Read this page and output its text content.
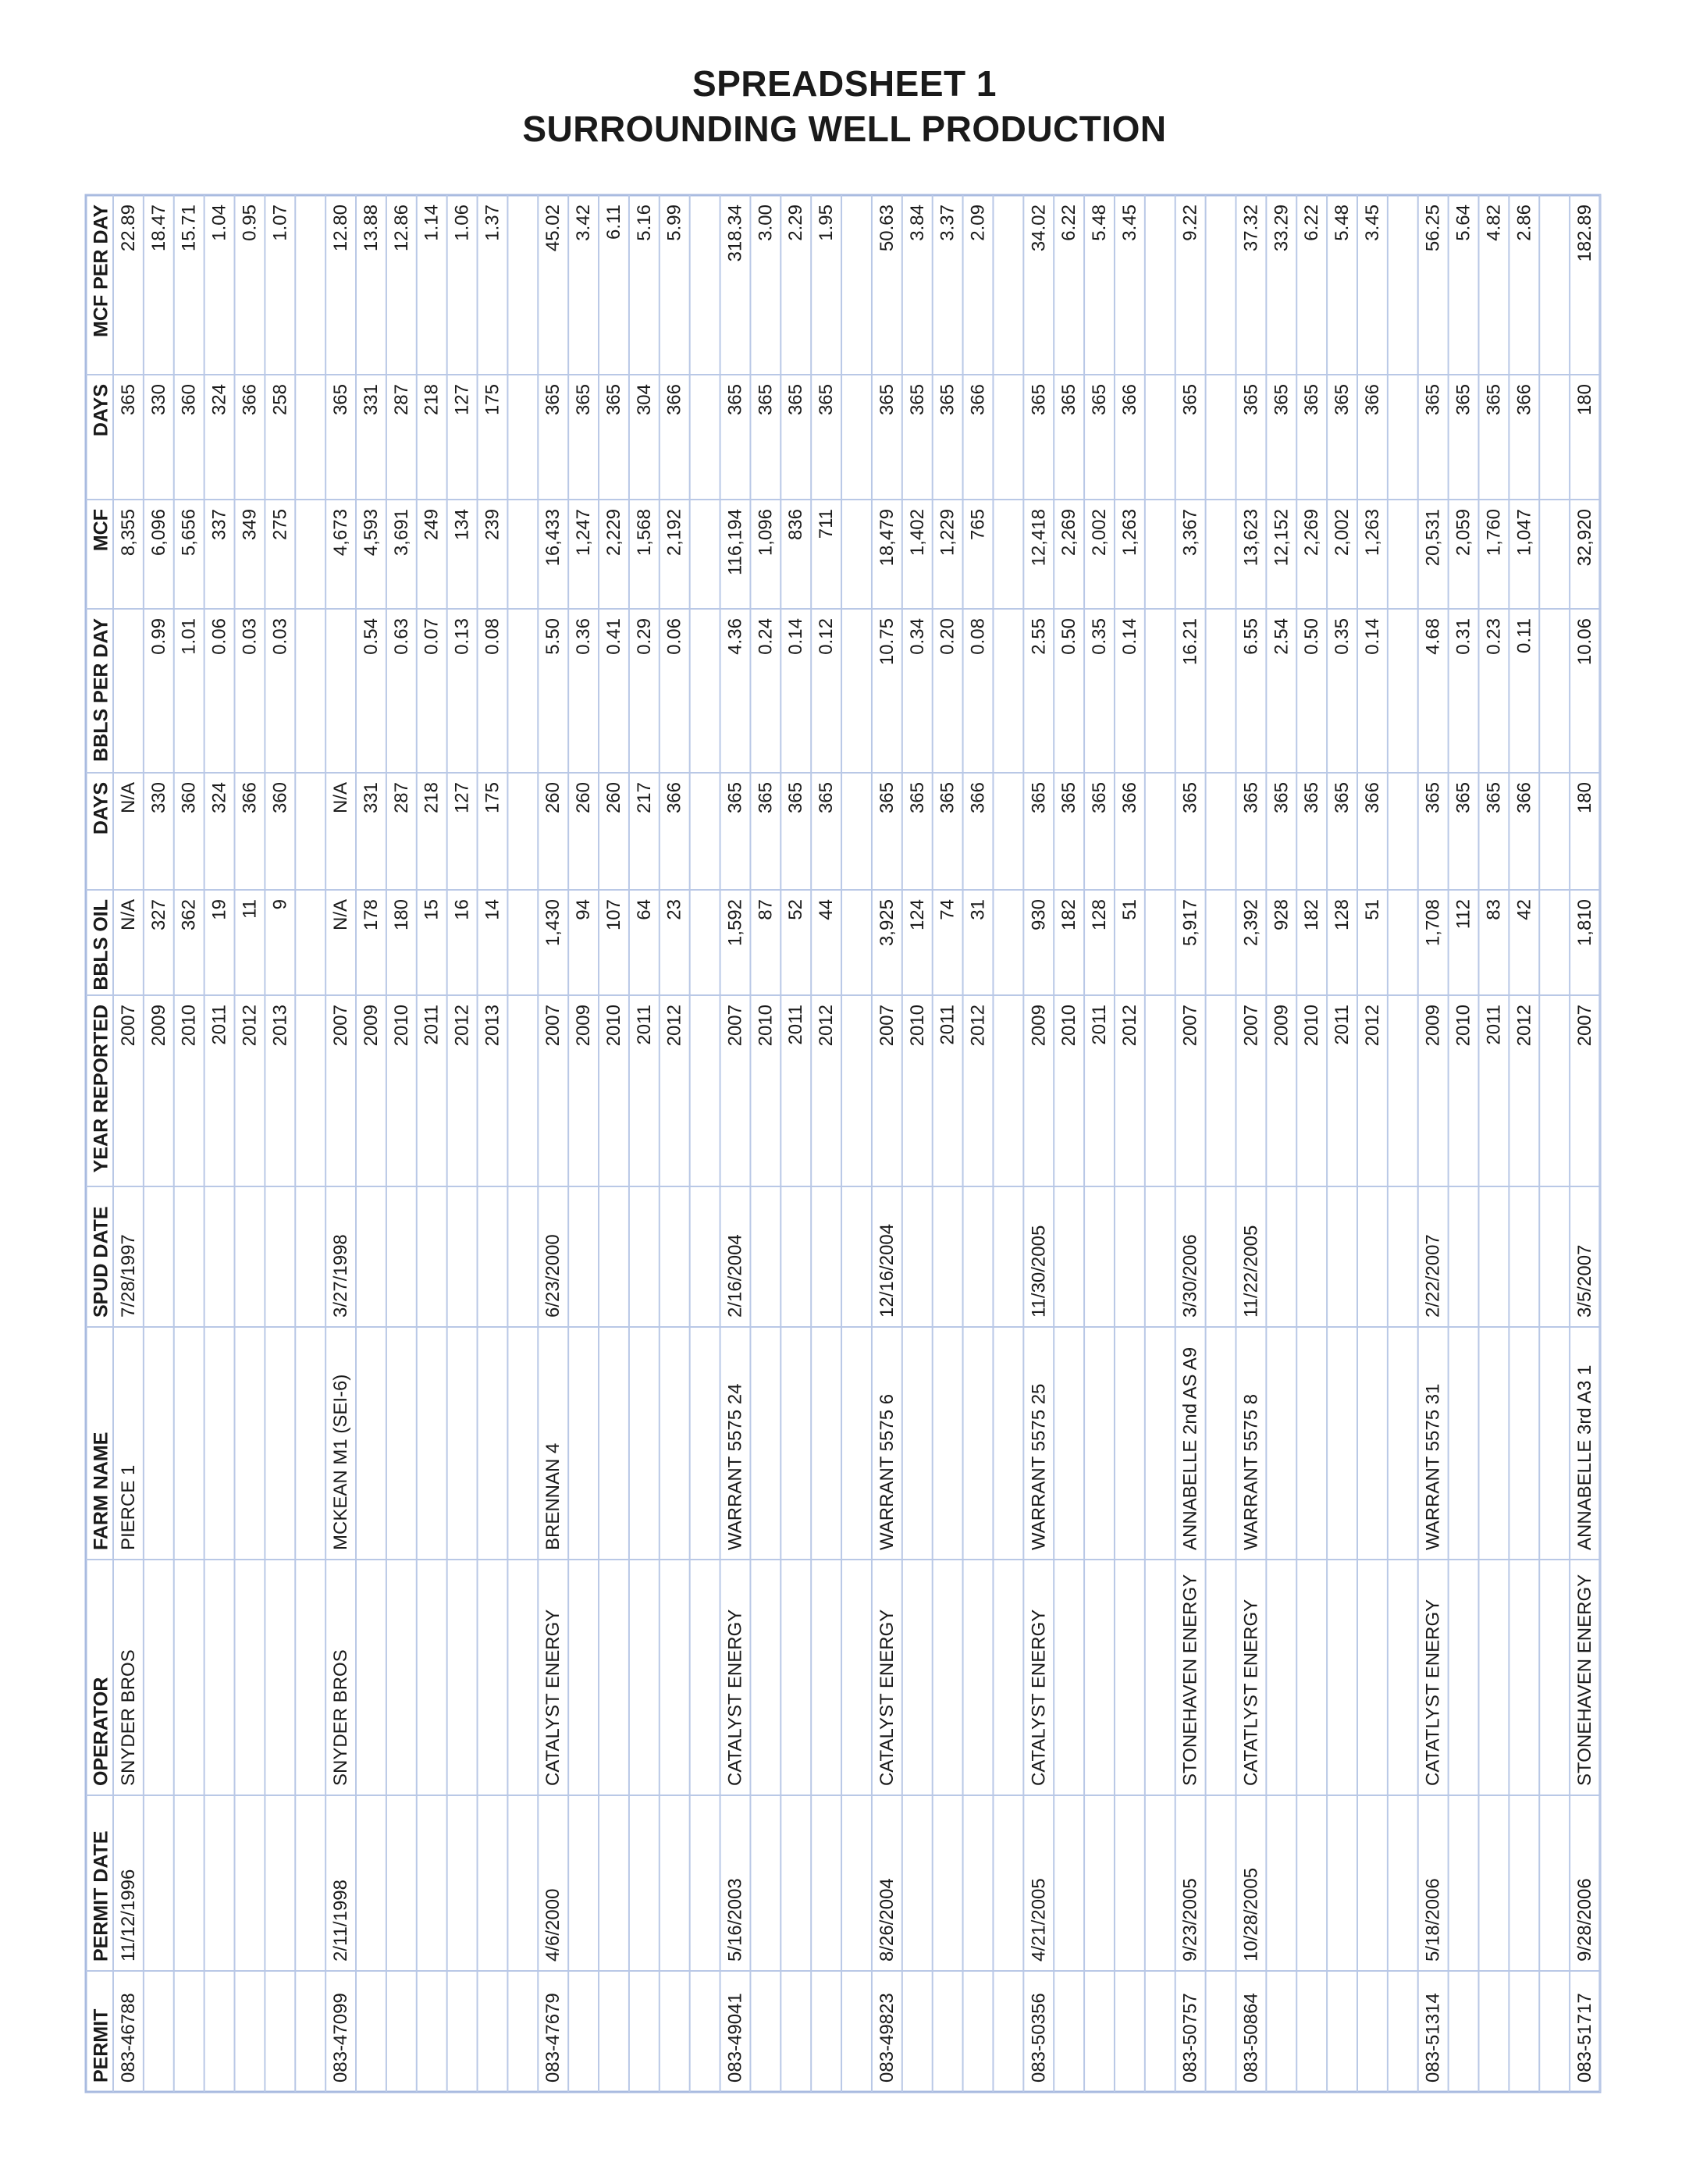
SPREADSHEET 1
SURROUNDING WELL PRODUCTION
PERMIT
PERMIT DATE
OPERATOR
FARM NAME
SPUD DATE
YEAR REPORTED
BBLS OIL
DAYS
BBLS PER DAY
MCF
DAYS
MCF PER DAY
083-46788
11/12/1996
SNYDER BROS
PIERCE 1
7/28/1997
2007
N/A
N/A
8,355
365
22.89
2009
327
330
0.99
6,096
330
18.47
2010
362
360
1.01
5,656
360
15.71
2011
19
324
0.06
337
324
1.04
2012
11
366
0.03
349
366
0.95
2013
9
360
0.03
275
258
1.07
083-47099
2/11/1998
SNYDER BROS
MCKEAN M1 (SEI-6)
3/27/1998
2007
N/A
N/A
4,673
365
12.80
2009
178
331
0.54
4,593
331
13.88
2010
180
287
0.63
3,691
287
12.86
2011
15
218
0.07
249
218
1.14
2012
16
127
0.13
134
127
1.06
2013
14
175
0.08
239
175
1.37
083-47679
4/6/2000
CATALYST ENERGY
BRENNAN 4
6/23/2000
2007
1,430
260
5.50
16,433
365
45.02
2009
94
260
0.36
1,247
365
3.42
2010
107
260
0.41
2,229
365
6.11
2011
64
217
0.29
1,568
304
5.16
2012
23
366
0.06
2,192
366
5.99
083-49041
5/16/2003
CATALYST ENERGY
WARRANT 5575 24
2/16/2004
2007
1,592
365
4.36
116,194
365
318.34
2010
87
365
0.24
1,096
365
3.00
2011
52
365
0.14
836
365
2.29
2012
44
365
0.12
711
365
1.95
083-49823
8/26/2004
CATALYST ENERGY
WARRANT 5575 6
12/16/2004
2007
3,925
365
10.75
18,479
365
50.63
2010
124
365
0.34
1,402
365
3.84
2011
74
365
0.20
1,229
365
3.37
2012
31
366
0.08
765
366
2.09
083-50356
4/21/2005
CATALYST ENERGY
WARRANT 5575 25
11/30/2005
2009
930
365
2.55
12,418
365
34.02
2010
182
365
0.50
2,269
365
6.22
2011
128
365
0.35
2,002
365
5.48
2012
51
366
0.14
1,263
366
3.45
083-50757
9/23/2005
STONEHAVEN ENERGY
ANNABELLE 2nd AS A9
3/30/2006
2007
5,917
365
16.21
3,367
365
9.22
083-50864
10/28/2005
CATATLYST ENERGY
WARRANT 5575 8
11/22/2005
2007
2,392
365
6.55
13,623
365
37.32
2009
928
365
2.54
12,152
365
33.29
2010
182
365
0.50
2,269
365
6.22
2011
128
365
0.35
2,002
365
5.48
2012
51
366
0.14
1,263
366
3.45
083-51314
5/18/2006
CATATLYST ENERGY
WARRANT 5575 31
2/22/2007
2009
1,708
365
4.68
20,531
365
56.25
2010
112
365
0.31
2,059
365
5.64
2011
83
365
0.23
1,760
365
4.82
2012
42
366
0.11
1,047
366
2.86
083-51717
9/28/2006
STONEHAVEN ENERGY
ANNABELLE 3rd A3 1
3/5/2007
2007
1,810
180
10.06
32,920
180
182.89
